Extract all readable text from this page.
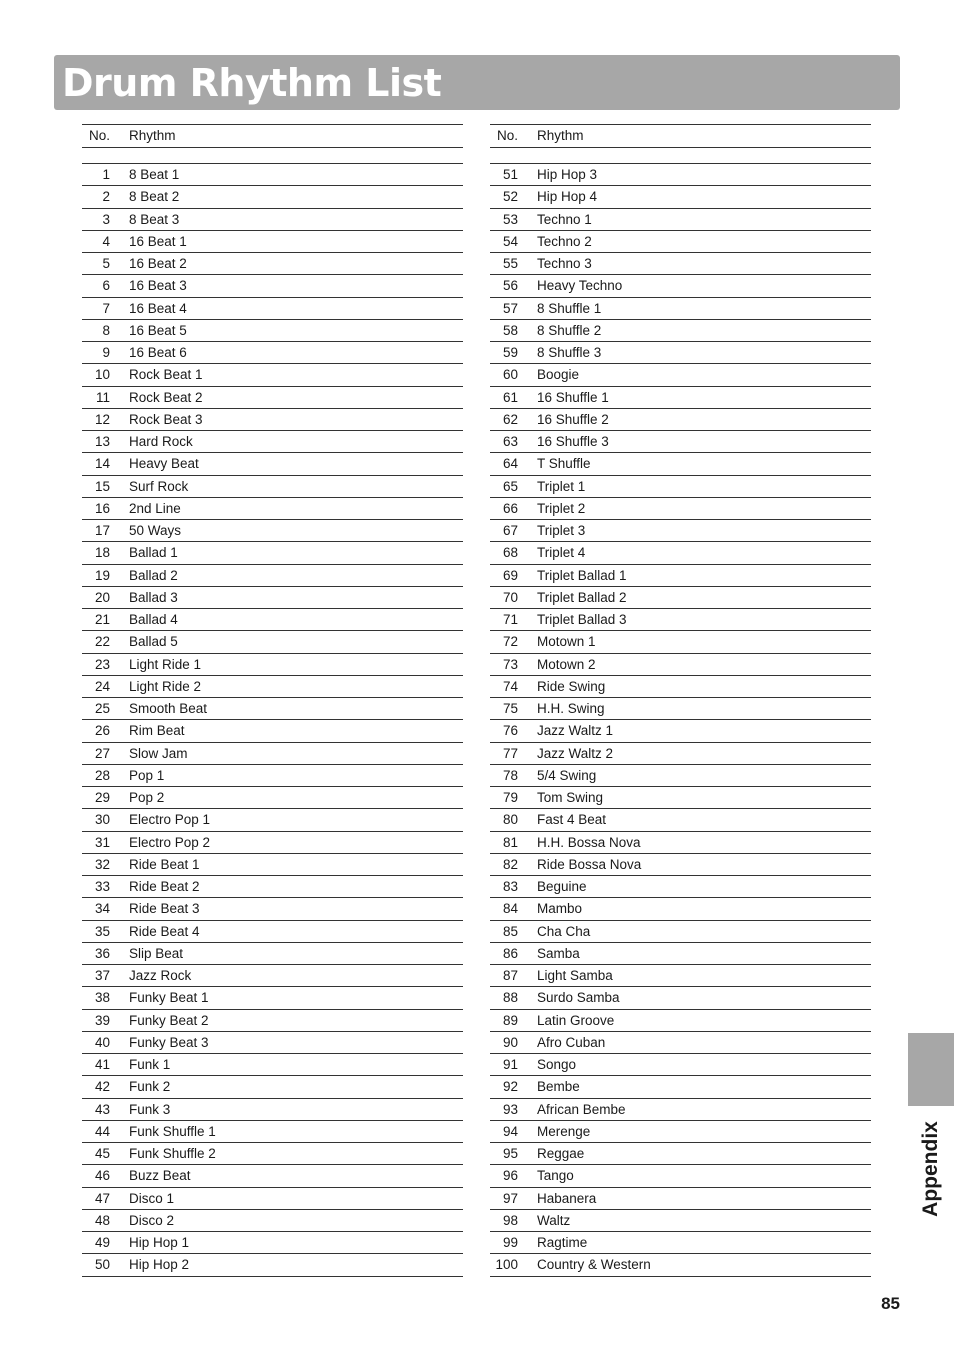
Drum Rhythm List
No. Rhythm
1 8 Beat 1
2 8 Beat 2
3 8 Beat 3
4 16 Beat 1
5 16 Beat 2
6 16 Beat 3
7 16 Beat 4
8 16 Beat 5
9 16 Beat 6
10 Rock Beat 1
11 Rock Beat 2
12 Rock Beat 3
13 Hard Rock
14 Heavy Beat
15 Surf Rock
16 2nd Line
17 50 Ways
18 Ballad 1
19 Ballad 2
20 Ballad 3
21 Ballad 4
22 Ballad 5
23 Light Ride 1
24 Light Ride 2
25 Smooth Beat
26 Rim Beat
27 Slow Jam
28 Pop 1
29 Pop 2
30 Electro Pop 1
31 Electro Pop 2
32 Ride Beat 1
33 Ride Beat 2
34 Ride Beat 3
35 Ride Beat 4
36 Slip Beat
37 Jazz Rock
38 Funky Beat 1
39 Funky Beat 2
40 Funky Beat 3
41 Funk 1
42 Funk 2
43 Funk 3
44 Funk Shuffle 1
45 Funk Shuffle 2
46 Buzz Beat
47 Disco 1
48 Disco 2
49 Hip Hop 1
50 Hip Hop 2
No. Rhythm
51 Hip Hop 3
52 Hip Hop 4
53 Techno 1
54 Techno 2
55 Techno 3
56 Heavy Techno
57 8 Shuffle 1
58 8 Shuffle 2
59 8 Shuffle 3
60 Boogie
61 16 Shuffle 1
62 16 Shuffle 2
63 16 Shuffle 3
64 T Shuffle
65 Triplet 1
66 Triplet 2
67 Triplet 3
68 Triplet 4
69 Triplet Ballad 1
70 Triplet Ballad 2
71 Triplet Ballad 3
72 Motown 1
73 Motown 2
74 Ride Swing
75 H.H. Swing
76 Jazz Waltz 1
77 Jazz Waltz 2
78 5/4 Swing
79 Tom Swing
80 Fast 4 Beat
81 H.H. Bossa Nova
82 Ride Bossa Nova
83 Beguine
84 Mambo
85 Cha Cha
86 Samba
87 Light Samba
88 Surdo Samba
89 Latin Groove
90 Afro Cuban
91 Songo
92 Bembe
93 African Bembe
94 Merenge
95 Reggae
96 Tango
97 Habanera
98 Waltz
99 Ragtime
100 Country & Western
Appendix
85
